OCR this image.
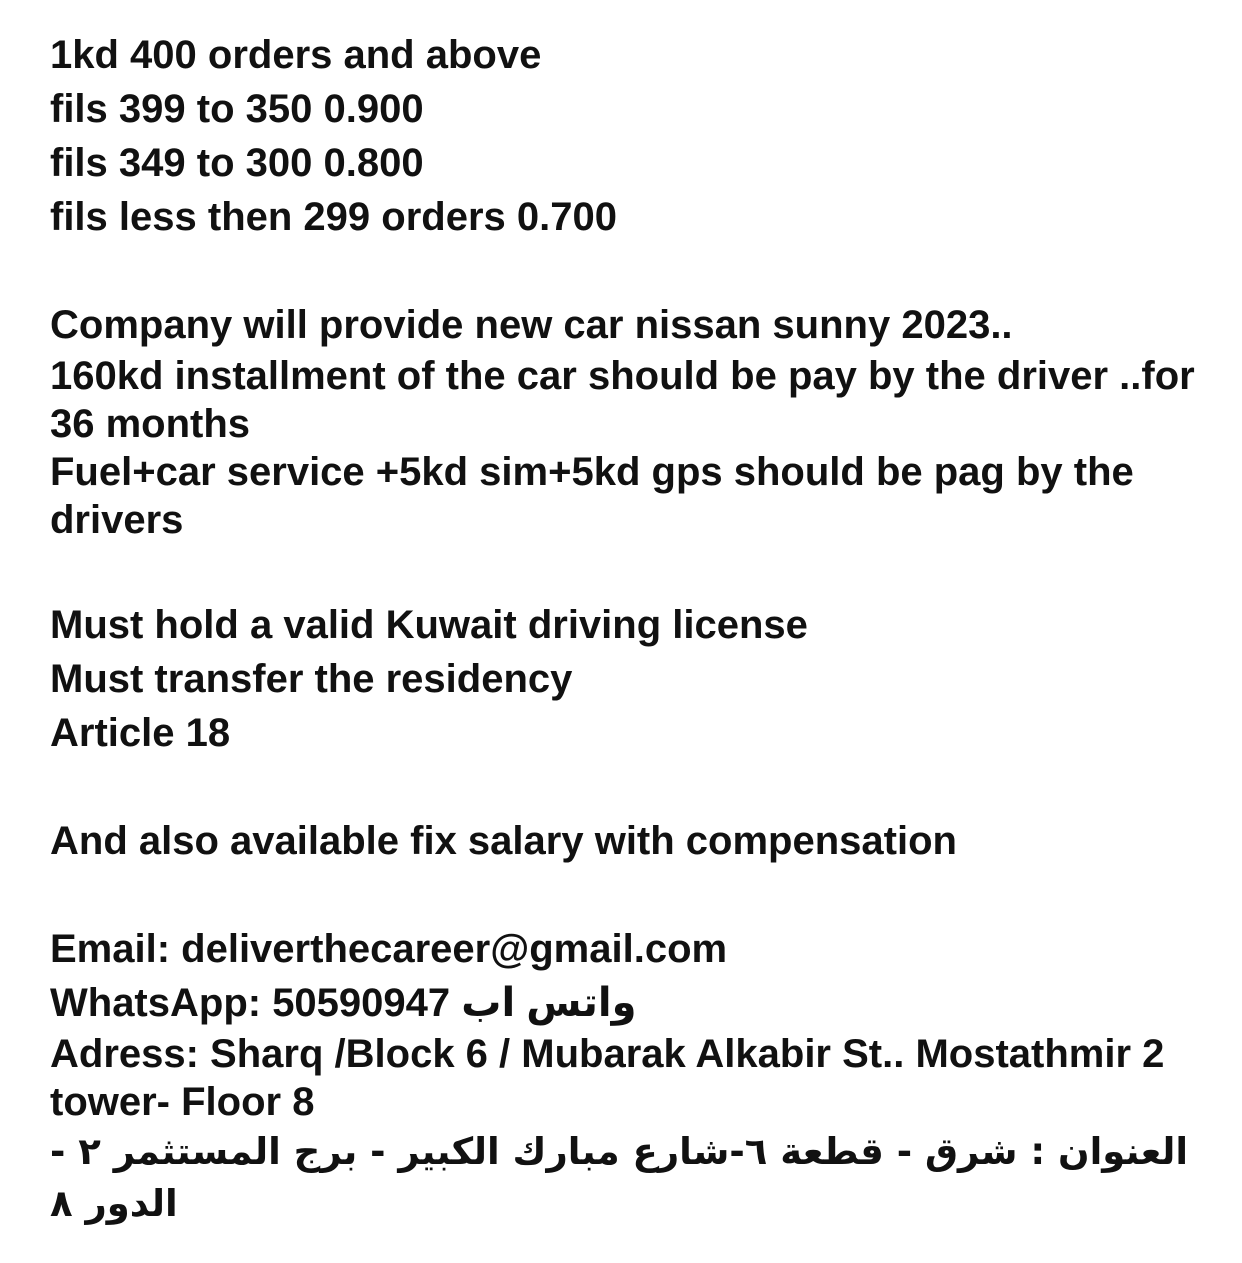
1kd 400 orders and above
fils 399 to 350 0.900
fils 349 to 300 0.800
fils less then 299 orders 0.700
Company will provide new car nissan sunny 2023..
160kd installment of the car should be pay by the driver ..for 36 months
Fuel+car service +5kd sim+5kd gps should be pag by the drivers
Must hold a valid Kuwait driving license
Must transfer the residency
Article 18
And also available fix salary with compensation
Email: deliverthecareer@gmail.com
WhatsApp: 50590947 واتس اب
Adress: Sharq /Block 6 / Mubarak Alkabir St.. Mostathmir 2 tower- Floor 8
العنوان : شرق - قطعة ٦-شارع مبارك الكبير - برج المستثمر ٢ - الدور ٨
